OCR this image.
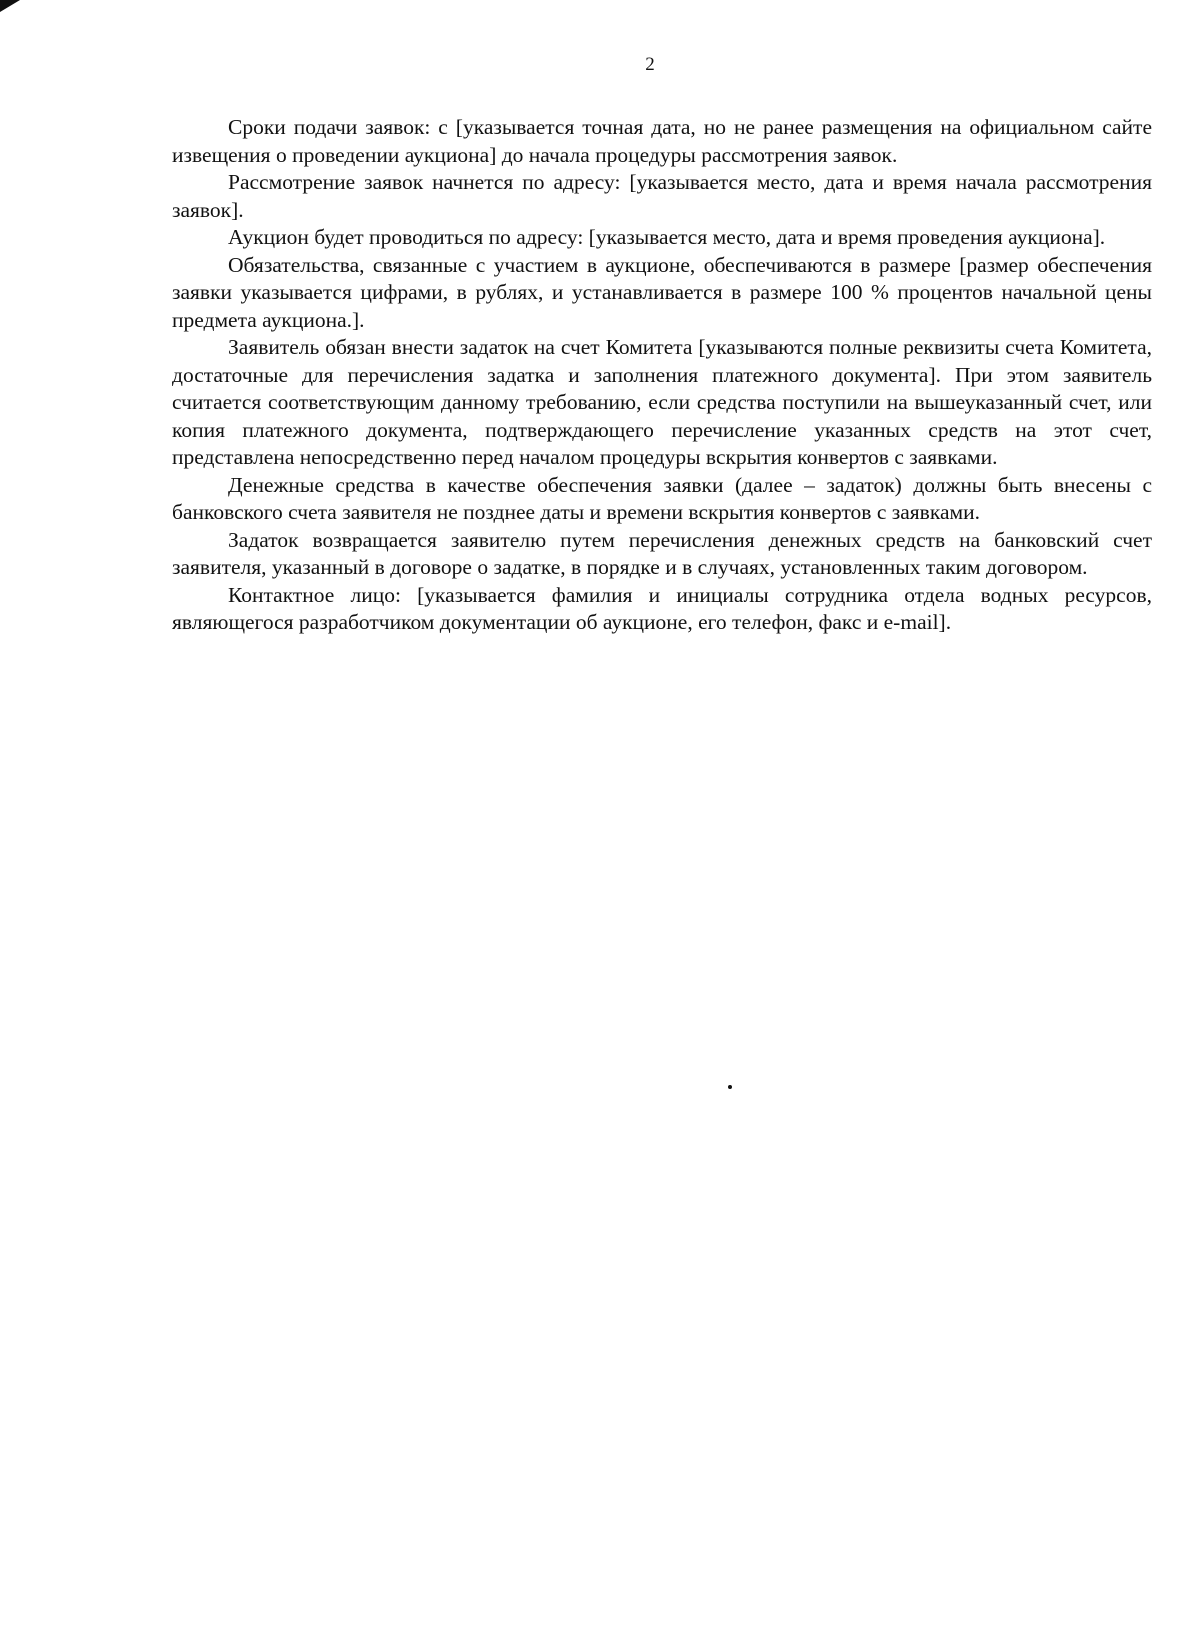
2

Сроки подачи заявок: с [указывается точная дата, но не ранее размещения на официальном сайте извещения о проведении аукциона] до начала процедуры рассмотрения заявок.

Рассмотрение заявок начнется по адресу: [указывается место, дата и время начала рассмотрения заявок].

Аукцион будет проводиться по адресу: [указывается место, дата и время проведения аукциона].

Обязательства, связанные с участием в аукционе, обеспечиваются в размере [размер обеспечения заявки указывается цифрами, в рублях, и устанавливается в размере 100 % процентов начальной цены предмета аукциона.].

Заявитель обязан внести задаток на счет Комитета [указываются полные реквизиты счета Комитета, достаточные для перечисления задатка и заполнения платежного документа]. При этом заявитель считается соответствующим данному требованию, если средства поступили на вышеуказанный счет, или копия платежного документа, подтверждающего перечисление указанных средств на этот счет, представлена непосредственно перед началом процедуры вскрытия конвертов с заявками.

Денежные средства в качестве обеспечения заявки (далее – задаток) должны быть внесены с банковского счета заявителя не позднее даты и времени вскрытия конвертов с заявками.

Задаток возвращается заявителю путем перечисления денежных средств на банковский счет заявителя, указанный в договоре о задатке, в порядке и в случаях, установленных таким договором.

Контактное лицо: [указывается фамилия и инициалы сотрудника отдела водных ресурсов, являющегося разработчиком документации об аукционе, его телефон, факс и e-mail].
